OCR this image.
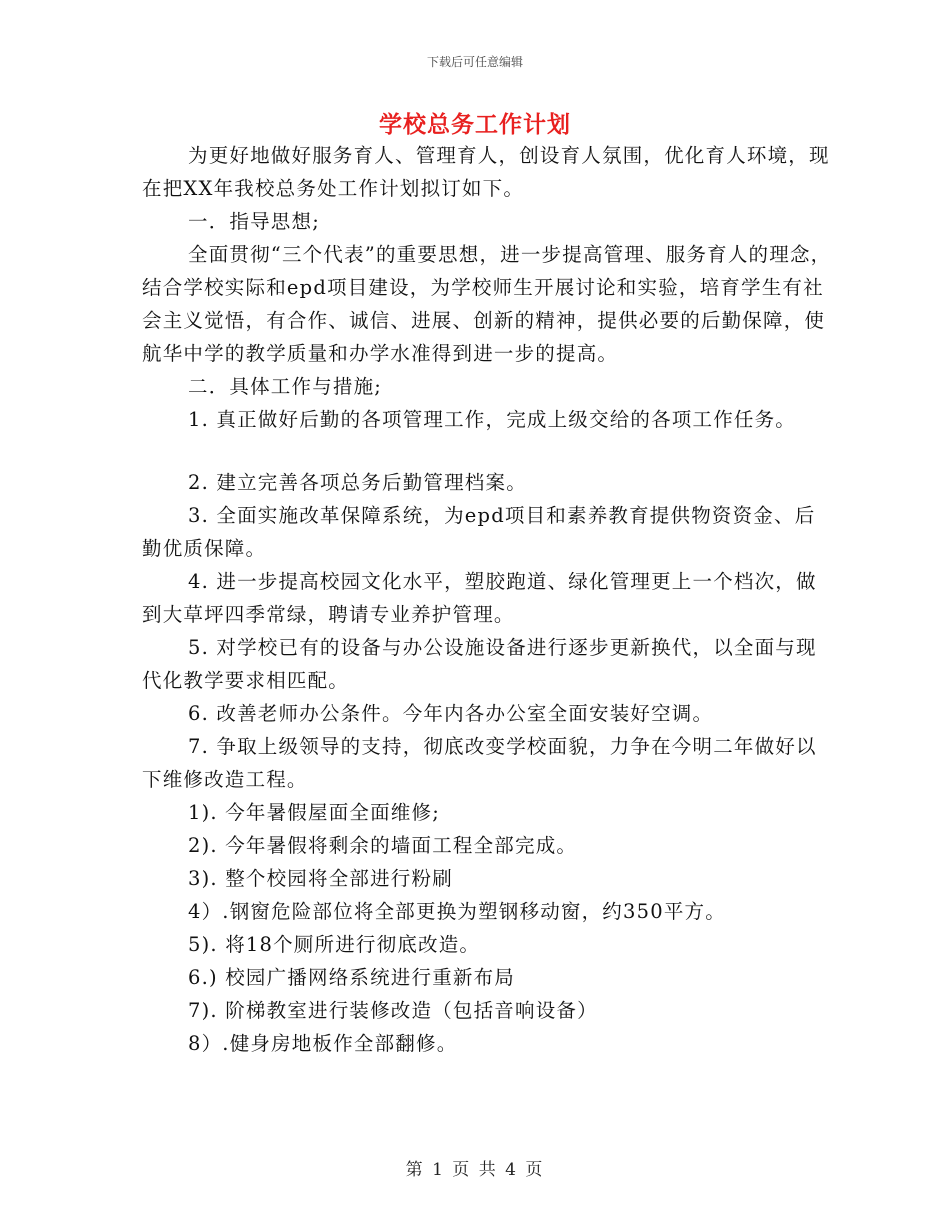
下载后可任意编辑
学校总务工作计划

为更好地做好服务育人、管理育人，创设育人氛围，优化育人环境，现在把XX年我校总务处工作计划拟订如下。

一．指导思想;

全面贯彻“三个代表”的重要思想，进一步提高管理、服务育人的理念，结合学校实际和epd项目建设，为学校师生开展讨论和实验，培育学生有社会主义觉悟，有合作、诚信、进展、创新的精神，提供必要的后勤保障，使航华中学的教学质量和办学水准得到进一步的提高。

二．具体工作与措施;

1. 真正做好后勤的各项管理工作，完成上级交给的各项工作任务。

2. 建立完善各项总务后勤管理档案。

3. 全面实施改革保障系统，为epd项目和素养教育提供物资资金、后勤优质保障。

4. 进一步提高校园文化水平，塑胶跑道、绿化管理更上一个档次，做到大草坪四季常绿，聘请专业养护管理。

5. 对学校已有的设备与办公设施设备进行逐步更新换代，以全面与现代化教学要求相匹配。

6. 改善老师办公条件。今年内各办公室全面安装好空调。

7. 争取上级领导的支持，彻底改变学校面貌，力争在今明二年做好以下维修改造工程。

1). 今年暑假屋面全面维修;

2). 今年暑假将剩余的墙面工程全部完成。

3). 整个校园将全部进行粉刷

4）.钢窗危险部位将全部更换为塑钢移动窗，约350平方。

5). 将18个厕所进行彻底改造。

6.) 校园广播网络系统进行重新布局

7). 阶梯教室进行装修改造（包括音响设备）

8）.健身房地板作全部翻修。

第 1 页 共 4 页
